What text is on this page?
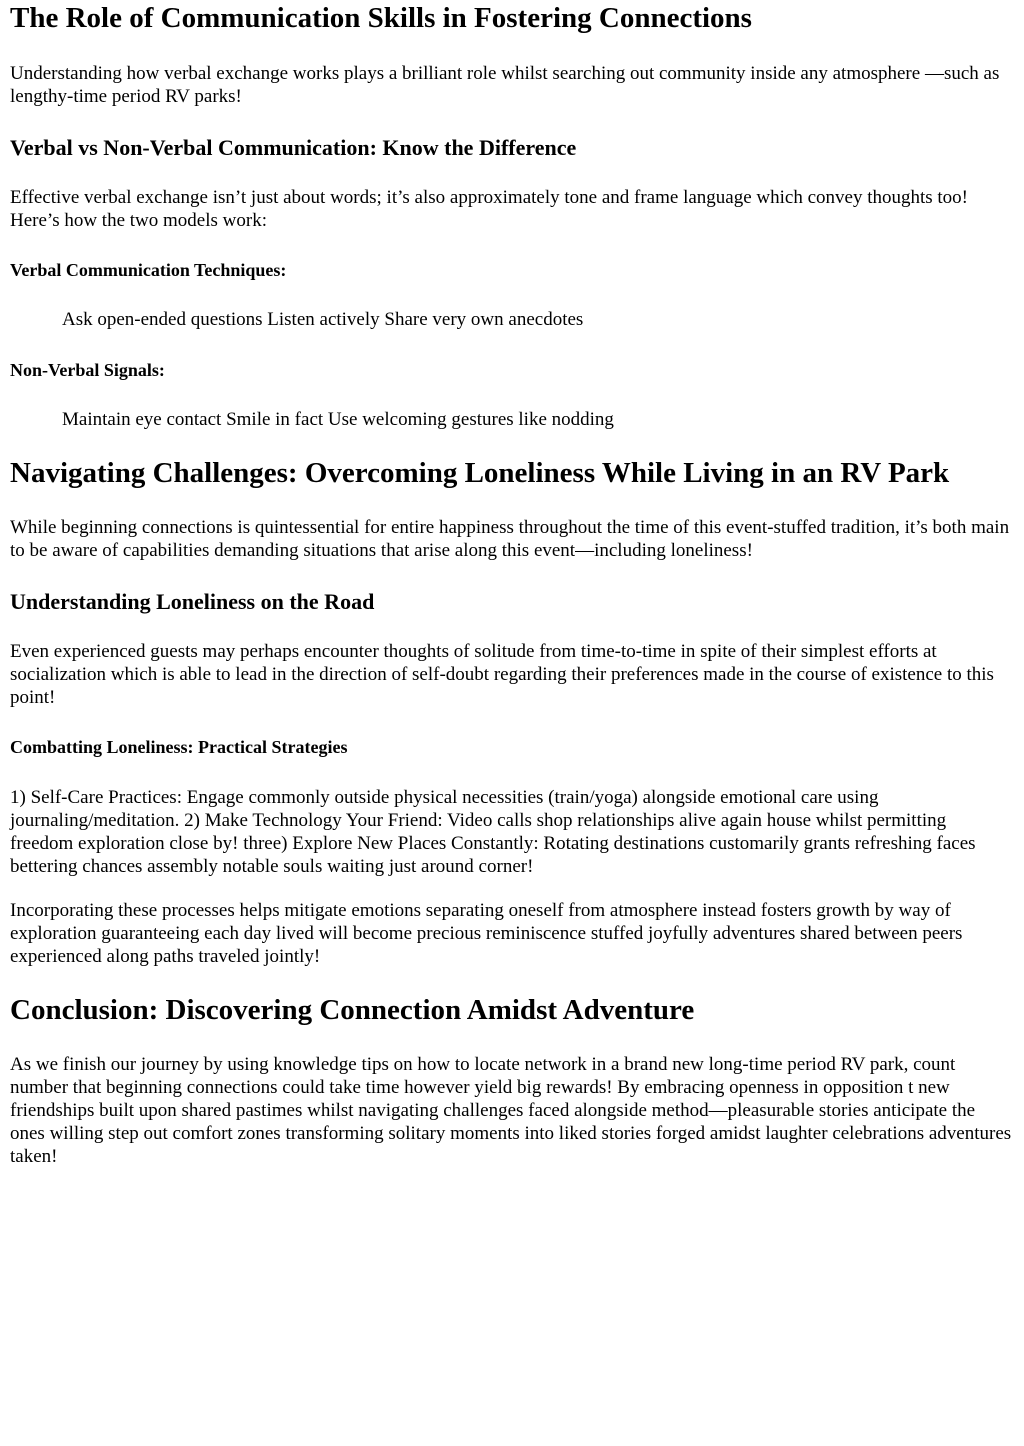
The Role of Communication Skills in Fostering Connections

Understanding how verbal exchange works plays a brilliant role whilst searching out community inside any atmosphere —such as lengthy-time period RV parks!

Verbal vs Non-Verbal Communication: Know the Difference

Effective verbal exchange isn’t just about words; it’s also approximately tone and frame language which convey thoughts too! Here’s how the two models work:

Verbal Communication Techniques:
Ask open-ended questions Listen actively Share very own anecdotes
Non-Verbal Signals:
Maintain eye contact Smile in fact Use welcoming gestures like nodding
Navigating Challenges: Overcoming Loneliness While Living in an RV Park

While beginning connections is quintessential for entire happiness throughout the time of this event-stuffed tradition, it’s both main to be aware of capabilities demanding situations that arise along this event—including loneliness!

Understanding Loneliness on the Road

Even experienced guests may perhaps encounter thoughts of solitude from time-to-time in spite of their simplest efforts at socialization which is able to lead in the direction of self-doubt regarding their preferences made in the course of existence to this point!

Combatting Loneliness: Practical Strategies

1) Self-Care Practices: Engage commonly outside physical necessities (train/yoga) alongside emotional care using journaling/meditation. 2) Make Technology Your Friend: Video calls shop relationships alive again house whilst permitting freedom exploration close by! three) Explore New Places Constantly: Rotating destinations customarily grants refreshing faces bettering chances assembly notable souls waiting just around corner!

Incorporating these processes helps mitigate emotions separating oneself from atmosphere instead fosters growth by way of exploration guaranteeing each day lived will become precious reminiscence stuffed joyfully adventures shared between peers experienced along paths traveled jointly!

Conclusion: Discovering Connection Amidst Adventure

As we finish our journey by using knowledge tips on how to locate network in a brand new long-time period RV park, count number that beginning connections could take time however yield big rewards! By embracing openness in opposition t new friendships built upon shared pastimes whilst navigating challenges faced alongside method—pleasurable stories anticipate the ones willing step out comfort zones transforming solitary moments into liked stories forged amidst laughter celebrations adventures taken!
